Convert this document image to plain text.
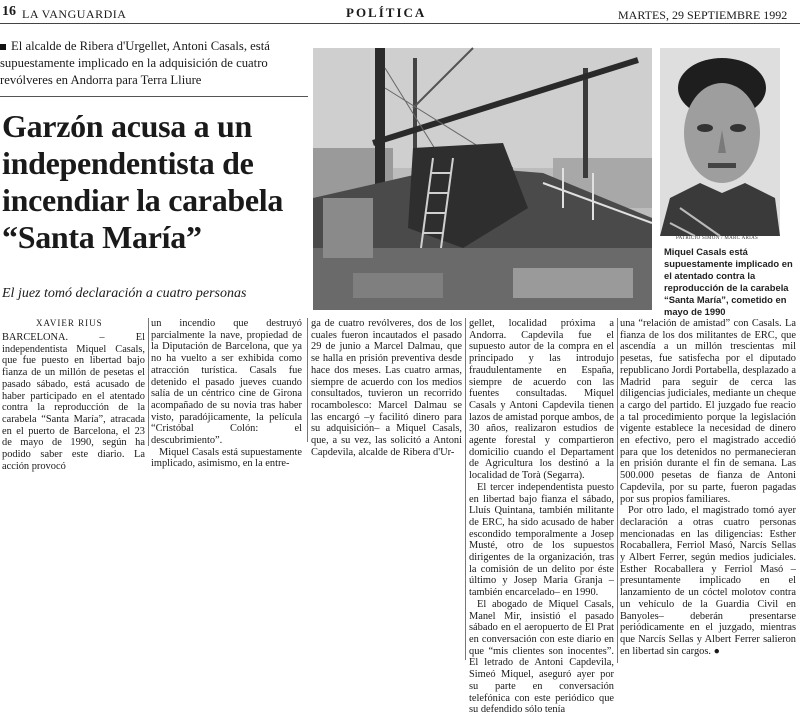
16 LA VANGUARDIA	POLÍTICA	MARTES, 29 SEPTIEMBRE 1992
El alcalde de Ribera d'Urgellet, Antoni Casals, está supuestamente implicado en la adquisición de cuatro revólveres en Andorra para Terra Lliure
Garzón acusa a un independentista de incendiar la carabela “Santa María”
El juez tomó declaración a cuatro personas
PATRICIO SIMON / MARC ARIAS
Miquel Casals está supuestamente implicado en el atentado contra la reproducción de la carabela “Santa María”, cometido en mayo de 1990
XAVIER RIUS

BARCELONA. – El independentista Miquel Casals, que fue puesto en libertad bajo fianza de un millón de pesetas el pasado sábado, está acusado de haber participado en el atentado contra la reproducción de la carabela “Santa María”, atracada en el puerto de Barcelona, el 23 de mayo de 1990, según ha podido saber este diario. La acción provocó

un incendio que destruyó parcialmente la nave, propiedad de la Diputación de Barcelona, que ya no ha vuelto a ser exhibida como atracción turística. Casals fue detenido el pasado jueves cuando salía de un céntrico cine de Girona acompañado de su novia tras haber visto, paradójicamente, la película “Cristóbal Colón: el descubrimiento”.

Miquel Casals está supuestamente implicado, asimismo, en la entre-

ga de cuatro revólveres, dos de los cuales fueron incautados el pasado 29 de junio a Marcel Dalmau, que se halla en prisión preventiva desde hace dos meses. Las cuatro armas, siempre de acuerdo con los medios consultados, tuvieron un recorrido rocambolesco: Marcel Dalmau se las encargó –y facilitó dinero para su adquisición– a Miquel Casals, que, a su vez, las solicitó a Antoni Capdevila, alcalde de Ribera d'Ur-

gellet, localidad próxima a Andorra. Capdevila fue el supuesto autor de la compra en el principado y las introdujo fraudulentamente en España, siempre de acuerdo con las fuentes consultadas. Miquel Casals y Antoni Capdevila tienen lazos de amistad porque ambos, de 30 años, realizaron estudios de agente forestal y compartieron domicilio cuando el Departament de Agricultura los destinó a la localidad de Torà (Segarra).

El tercer independentista puesto en libertad bajo fianza el sábado, Lluís Quintana, también militante de ERC, ha sido acusado de haber escondido temporalmente a Josep Musté, otro de los supuestos dirigentes de la organización, tras la comisión de un delito por éste último y Josep Maria Granja –también encarcelado– en 1990.

El abogado de Miquel Casals, Manel Mir, insistió el pasado sábado en el aeropuerto de El Prat en conversación con este diario en que “mis clientes son inocentes”. El letrado de Antoni Capdevila, Simeó Miquel, aseguró ayer por su parte en conversación telefónica con este periódico que su defendido sólo tenía

una “relación de amistad” con Casals. La fianza de los dos militantes de ERC, que ascendía a un millón trescientas mil pesetas, fue satisfecha por el diputado republicano Jordi Portabella, desplazado a Madrid para seguir de cerca las diligencias judiciales, mediante un cheque a cargo del partido. El juzgado fue reacio a tal procedimiento porque la legislación vigente establece la necesidad de dinero en efectivo, pero el magistrado accedió para que los detenidos no permanecieran en prisión durante el fin de semana. Las 500.000 pesetas de fianza de Antoni Capdevila, por su parte, fueron pagadas por sus propios familiares.

Por otro lado, el magistrado tomó ayer declaración a otras cuatro personas mencionadas en las diligencias: Esther Rocaballera, Ferriol Masó, Narcís Sellas y Albert Ferrer, según medios judiciales. Esther Rocaballera y Ferriol Masó –presuntamente implicado en el lanzamiento de un cóctel molotov contra un vehículo de la Guardia Civil en Banyoles– deberán presentarse periódicamente en el juzgado, mientras que Narcís Sellas y Albert Ferrer salieron en libertad sin cargos. ●
